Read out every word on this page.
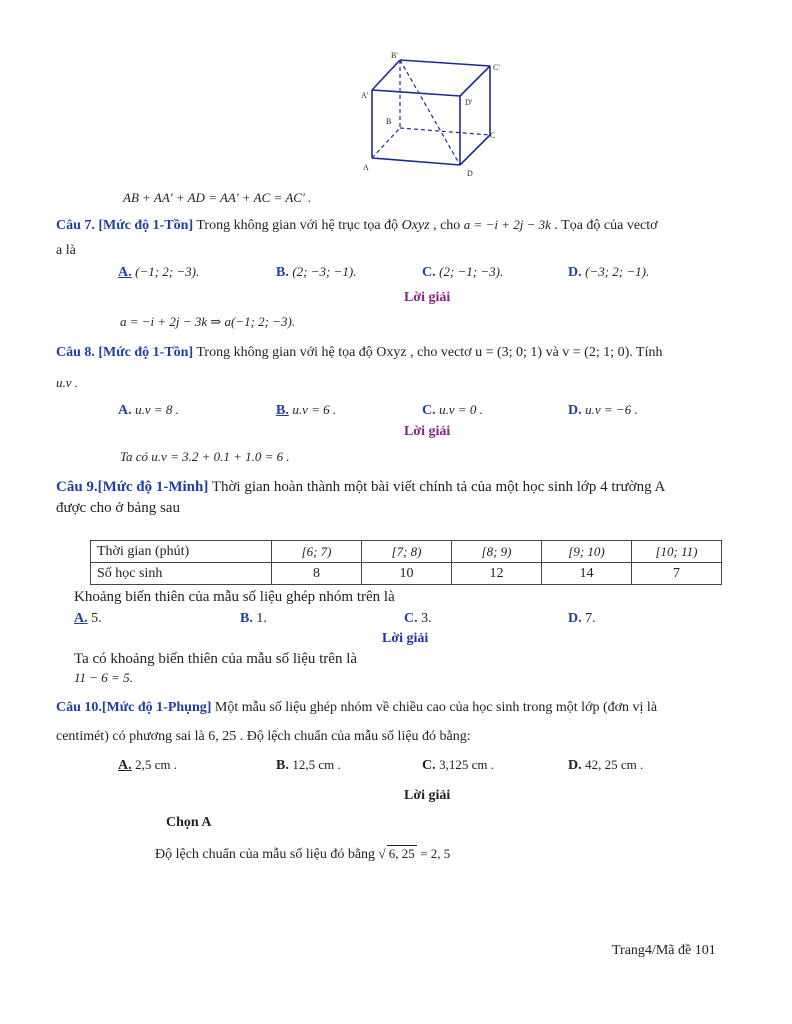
B'
C'
A'
D'
B
C
A
D
AB + AA' + AD = AA' + AC = AC' .
Câu 7. [Mức độ 1-Tồn] Trong không gian với hệ trục tọa độ Oxyz , cho a = −i + 2j − 3k . Tọa độ của vectơ
a là
A. (−1; 2; −3).	B. (2; −3; −1).	C. (2; −1; −3).	D. (−3; 2; −1).
Lời giải
a = −i + 2j − 3k ⇒ a(−1; 2; −3).
Câu 8. [Mức độ 1-Tồn] Trong không gian với hệ tọa độ Oxyz , cho vectơ u = (3; 0; 1) và v = (2; 1; 0). Tính
u.v .
A. u.v = 8 .	B. u.v = 6 .	C. u.v = 0 .	D. u.v = −6 .
Lời giải
Ta có u.v = 3.2 + 0.1 + 1.0 = 6 .
Câu 9.[Mức độ 1-Minh] Thời gian hoàn thành một bài viết chính tả của một học sinh lớp 4 trường A
được cho ở bảng sau
Thời gian (phút)	[6; 7)	[7; 8)	[8; 9)	[9; 10)	[10; 11)
Số học sinh	8	10	12	14	7
Khoảng biến thiên của mẫu số liệu ghép nhóm trên là
A. 5.	B. 1.	C. 3.	D. 7.
Lời giải
Ta có khoảng biến thiên của mẫu số liệu trên là
11 − 6 = 5.
Câu 10.[Mức độ 1-Phụng] Một mẫu số liệu ghép nhóm về chiều cao của học sinh trong một lớp (đơn vị là
centimét) có phương sai là 6, 25 . Độ lệch chuẩn của mẫu số liệu đó bằng:
A. 2,5 cm .	B. 12,5 cm .	C. 3,125 cm .	D. 42, 25 cm .
Lời giải
Chọn A
Độ lệch chuẩn của mẫu số liệu đó bằng √ 6, 25 = 2, 5
Trang4/Mã đề 101
